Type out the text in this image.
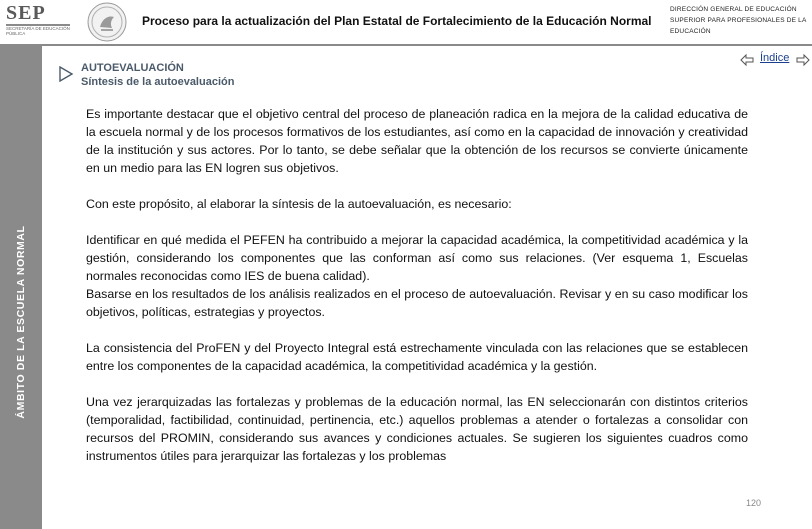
SEP
SECRETARÍA DE EDUCACIÓN PÚBLICA
Proceso para la actualización del Plan Estatal de Fortalecimiento de la Educación Normal
DIRECCIÓN GENERAL DE EDUCACIÓN SUPERIOR PARA PROFESIONALES DE LA EDUCACIÓN
ÁMBITO DE LA ESCUELA NORMAL
AUTOEVALUACIÓN
Síntesis de la autoevaluación
Índice

Es importante destacar que el objetivo central del proceso de planeación radica en la mejora de la calidad educativa de la escuela normal y de los procesos formativos de los estudiantes, así como en la capacidad de innovación y creatividad de la institución y sus actores. Por lo tanto, se debe señalar que la obtención de los recursos se convierte únicamente en un medio para las EN logren sus objetivos.

Con este propósito, al elaborar la síntesis de la autoevaluación, es necesario:

Identificar en qué medida el PEFEN ha contribuido a mejorar la capacidad académica, la competitividad académica y la gestión, considerando los componentes que las conforman así como sus relaciones. (Ver esquema 1, Escuelas normales reconocidas como IES de buena calidad).

Basarse en los resultados de los análisis realizados en el proceso de autoevaluación. Revisar y en su caso modificar los objetivos, políticas, estrategias y proyectos.

La consistencia del ProFEN y del Proyecto Integral está estrechamente vinculada con las relaciones que se establecen entre los componentes de la capacidad académica, la competitividad académica y la gestión.

Una vez jerarquizadas las fortalezas y problemas de la educación normal, las EN seleccionarán con distintos criterios (temporalidad, factibilidad, continuidad, pertinencia, etc.) aquellos problemas a atender o fortalezas a consolidar con recursos del PROMIN, considerando sus avances y condiciones actuales. Se sugieren los siguientes cuadros como instrumentos útiles para jerarquizar las fortalezas y los problemas

120
